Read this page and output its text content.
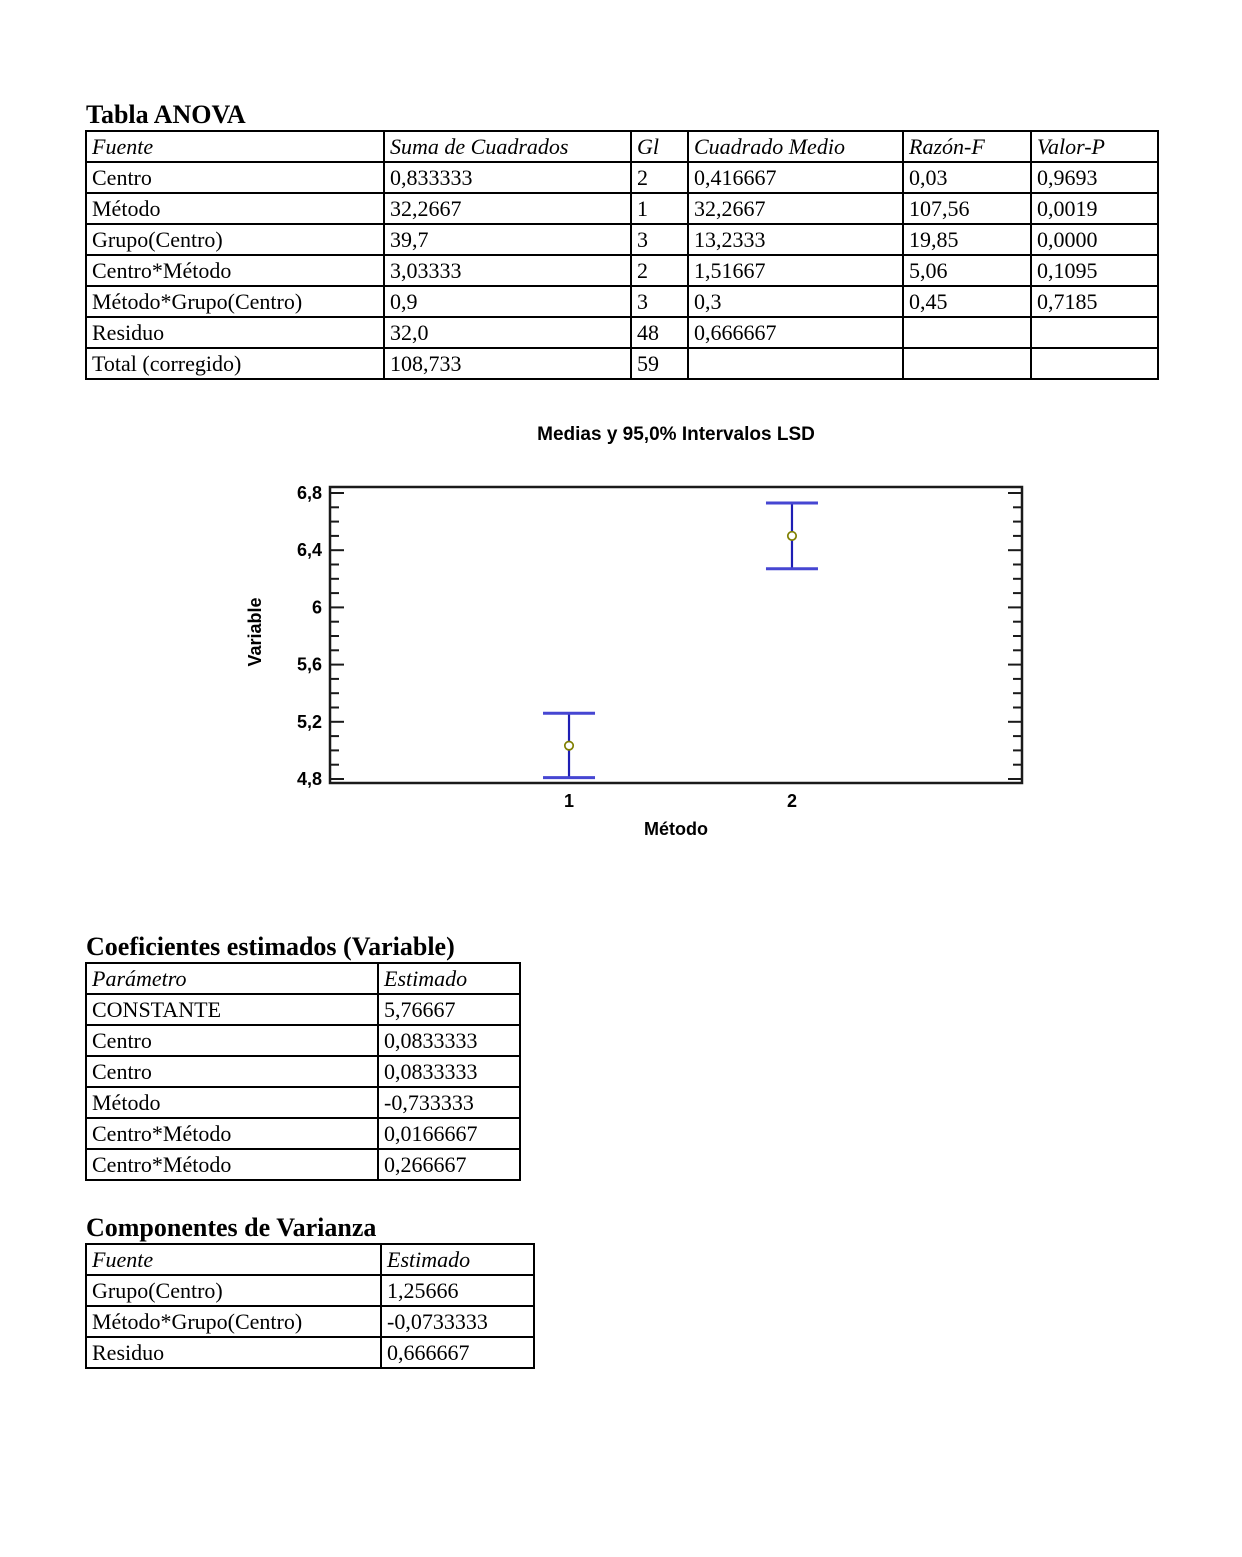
Tabla ANOVA
Fuente	Suma de Cuadrados	Gl	Cuadrado Medio	Razón-F	Valor-P
Centro	0,833333	2	0,416667	0,03	0,9693
Método	32,2667	1	32,2667	107,56	0,0019
Grupo(Centro)	39,7	3	13,2333	19,85	0,0000
Centro*Método	3,03333	2	1,51667	5,06	0,1095
Método*Grupo(Centro)	0,9	3	0,3	0,45	0,7185
Residuo	32,0	48	0,666667		
Total (corregido)	108,733	59			
Medias y 95,0% Intervalos LSD
4,8
5,2
5,6
6
6,4
6,8
Variable
1	2
Método
Coeficientes estimados (Variable)
Parámetro	Estimado
CONSTANTE	5,76667
Centro	0,0833333
Centro	0,0833333
Método	-0,733333
Centro*Método	0,0166667
Centro*Método	0,266667
Componentes de Varianza
Fuente	Estimado
Grupo(Centro)	1,25666
Método*Grupo(Centro)	-0,0733333
Residuo	0,666667
